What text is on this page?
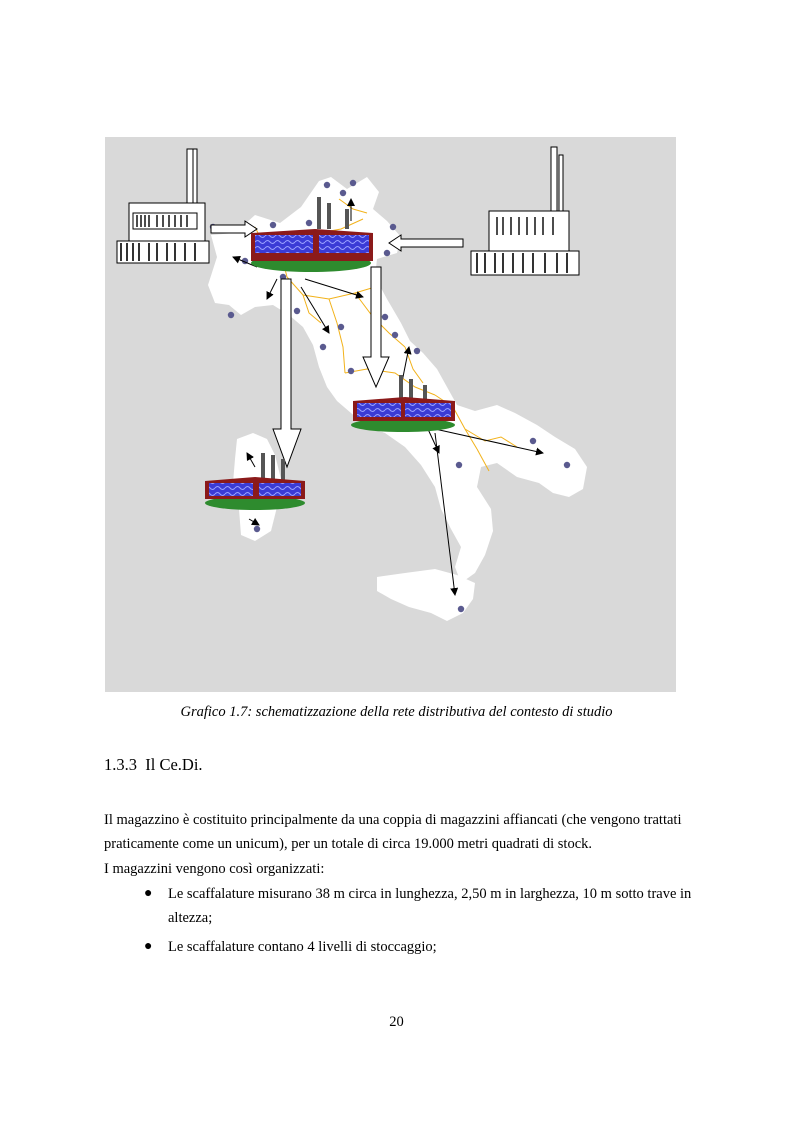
Grafico 1.7: schematizzazione della rete distributiva del contesto di studio
1.3.3 Il Ce.Di.
Il magazzino è costituito principalmente da una coppia di magazzini affiancati (che vengono trattati praticamente come un unicum), per un totale di circa 19.000 metri quadrati di stock.
I magazzini vengono così organizzati:
● Le scaffalature misurano 38 m circa in lunghezza, 2,50 m in larghezza, 10 m sotto trave in altezza;
● Le scaffalature contano 4 livelli di stoccaggio;
20
